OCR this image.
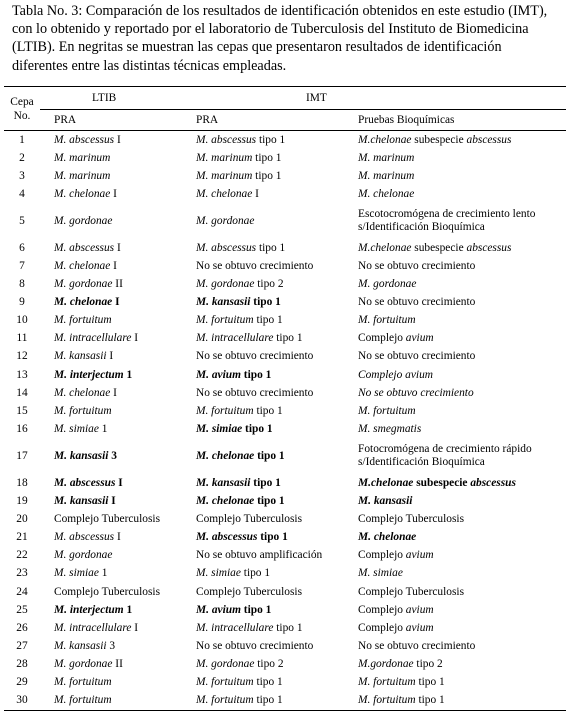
Tabla No. 3: Comparación de los resultados de identificación obtenidos en este estudio (IMT), con lo obtenido y reportado por el laboratorio de Tuberculosis del Instituto de Biomedicina (LTIB). En negritas se muestran las cepas que presentaron resultados de identificación diferentes entre las distintas técnicas empleadas.

Cepa No.	LTIB	IMT	
	PRA	PRA	Pruebas Bioquímicas
1	M. abscessus I	M. abscessus tipo 1	M.chelonae subespecie abscessus
2	M. marinum	M. marinum tipo 1	M. marinum
3	M. marinum	M. marinum tipo 1	M. marinum
4	M. chelonae I	M. chelonae I	M. chelonae
5	M. gordonae	M. gordonae	Escotocromógena de crecimiento lento s/Identificación Bioquímica
6	M. abscessus I	M. abscessus tipo 1	M.chelonae subespecie abscessus
7	M. chelonae I	No se obtuvo crecimiento	No se obtuvo crecimiento
8	M. gordonae II	M. gordonae tipo 2	M. gordonae
9	M. chelonae I	M. kansasii tipo 1	No se obtuvo crecimiento
10	M. fortuitum	M. fortuitum tipo 1	M. fortuitum
11	M. intracellulare I	M. intracellulare tipo 1	Complejo avium
12	M. kansasii I	No se obtuvo crecimiento	No se obtuvo crecimiento
13	M. interjectum 1	M. avium tipo 1	Complejo avium
14	M. chelonae I	No se obtuvo crecimiento	No se obtuvo crecimiento
15	M. fortuitum	M. fortuitum tipo 1	M. fortuitum
16	M. simiae 1	M. simiae tipo 1	M. smegmatis
17	M. kansasii 3	M. chelonae tipo 1	Fotocromógena de crecimiento rápido s/Identificación Bioquímica
18	M. abscessus I	M. kansasii tipo 1	M.chelonae subespecie abscessus
19	M. kansasii I	M. chelonae tipo 1	M. kansasii
20	Complejo Tuberculosis	Complejo Tuberculosis	Complejo Tuberculosis
21	M. abscessus I	M. abscessus tipo 1	M. chelonae
22	M. gordonae	No se obtuvo amplificación	Complejo avium
23	M. simiae 1	M. simiae tipo 1	M. simiae
24	Complejo Tuberculosis	Complejo Tuberculosis	Complejo Tuberculosis
25	M. interjectum 1	M. avium tipo 1	Complejo avium
26	M. intracellulare I	M. intracellulare tipo 1	Complejo avium
27	M. kansasii 3	No se obtuvo crecimiento	No se obtuvo crecimiento
28	M. gordonae II	M. gordonae tipo 2	M.gordonae tipo 2
29	M. fortuitum	M. fortuitum tipo 1	M. fortuitum tipo 1
30	M. fortuitum	M. fortuitum tipo 1	M. fortuitum tipo 1
